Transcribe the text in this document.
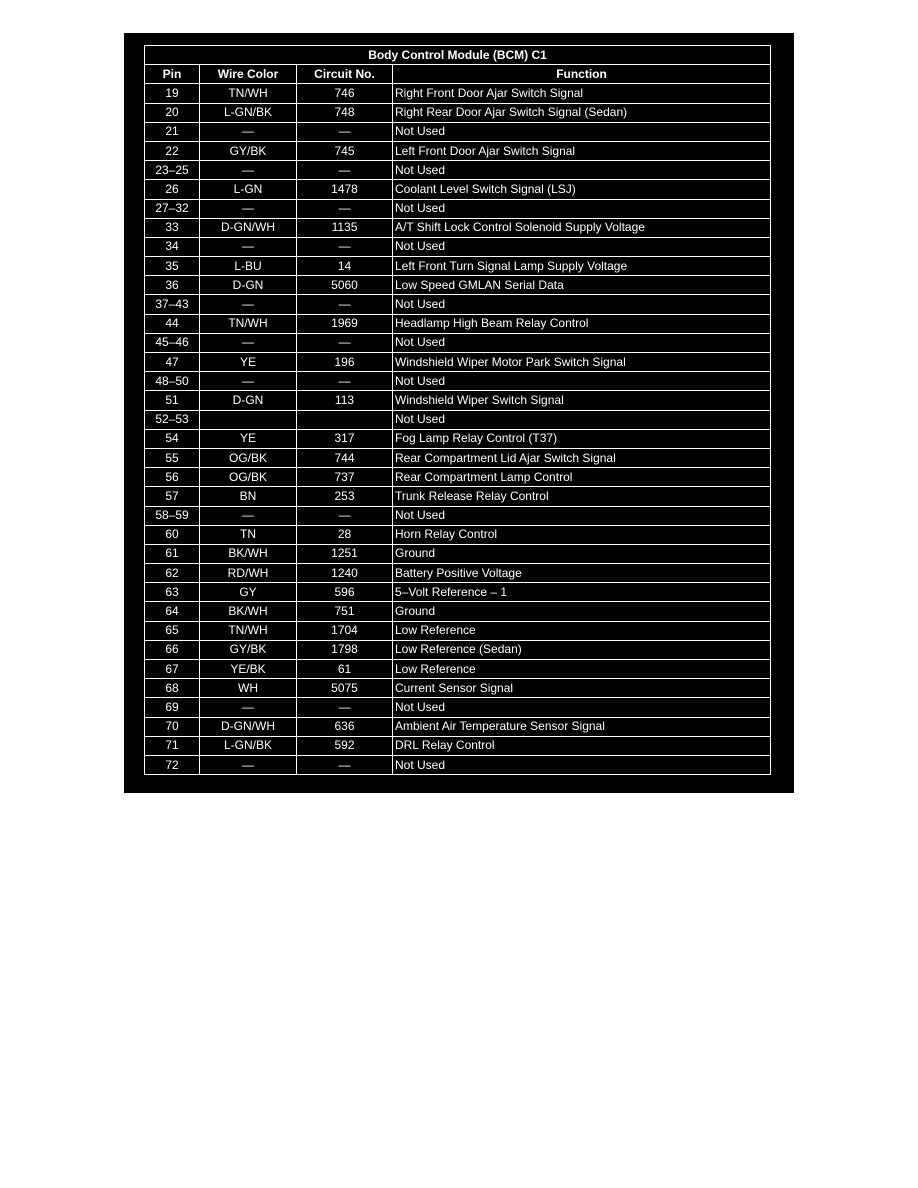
Body Control Module (BCM) C1			
Pin	Wire Color	Circuit No.	Function
19	TN/WH	746	Right Front Door Ajar Switch Signal
20	L-GN/BK	748	Right Rear Door Ajar Switch Signal (Sedan)
21	—	—	Not Used
22	GY/BK	745	Left Front Door Ajar Switch Signal
23–25	—	—	Not Used
26	L-GN	1478	Coolant Level Switch Signal (LSJ)
27–32	—	—	Not Used
33	D-GN/WH	1135	A/T Shift Lock Control Solenoid Supply Voltage
34	—	—	Not Used
35	L-BU	14	Left Front Turn Signal Lamp Supply Voltage
36	D-GN	5060	Low Speed GMLAN Serial Data
37–43	—	—	Not Used
44	TN/WH	1969	Headlamp High Beam Relay Control
45–46	—	—	Not Used
47	YE	196	Windshield Wiper Motor Park Switch Signal
48–50	—	—	Not Used
51	D-GN	113	Windshield Wiper Switch Signal
52–53			Not Used
54	YE	317	Fog Lamp Relay Control (T37)
55	OG/BK	744	Rear Compartment Lid Ajar Switch Signal
56	OG/BK	737	Rear Compartment Lamp Control
57	BN	253	Trunk Release Relay Control
58–59	—	—	Not Used
60	TN	28	Horn Relay Control
61	BK/WH	1251	Ground
62	RD/WH	1240	Battery Positive Voltage
63	GY	596	5–Volt Reference – 1
64	BK/WH	751	Ground
65	TN/WH	1704	Low Reference
66	GY/BK	1798	Low Reference (Sedan)
67	YE/BK	61	Low Reference
68	WH	5075	Current Sensor Signal
69	—	—	Not Used
70	D-GN/WH	636	Ambient Air Temperature Sensor Signal
71	L-GN/BK	592	DRL Relay Control
72	—	—	Not Used
